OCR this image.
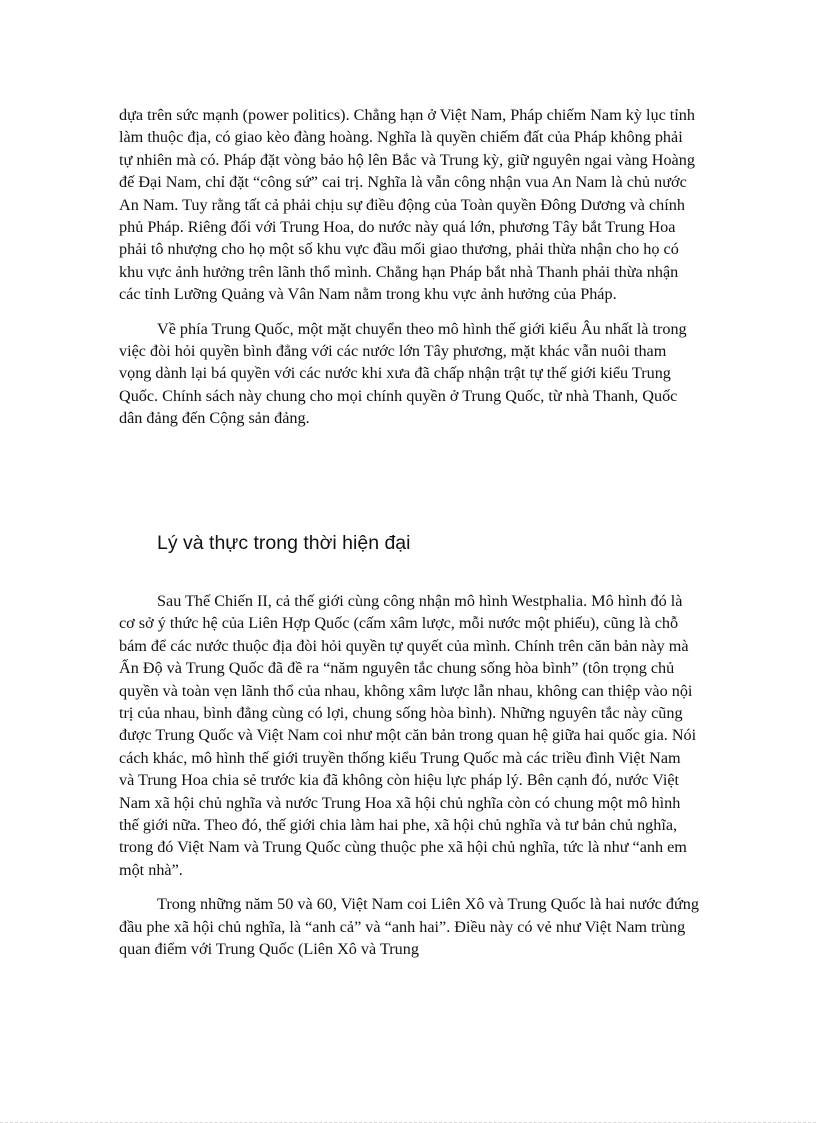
dựa trên sức mạnh (power politics). Chẳng hạn ở Việt Nam, Pháp chiếm Nam kỳ lục tỉnh làm thuộc địa, có giao kèo đàng hoàng. Nghĩa là quyền chiếm đất của Pháp không phải tự nhiên mà có. Pháp đặt vòng bảo hộ lên Bắc và Trung kỳ, giữ nguyên ngai vàng Hoàng đế Đại Nam, chỉ đặt “công sứ” cai trị. Nghĩa là vẫn công nhận vua An Nam là chủ nước An Nam. Tuy rằng tất cả phải chịu sự điều động của Toàn quyền Đông Dương và chính phủ Pháp. Riêng đối với Trung Hoa, do nước này quá lớn, phương Tây bắt Trung Hoa phải tô nhượng cho họ một số khu vực đầu mối giao thương, phải thừa nhận cho họ có khu vực ảnh hưởng trên lãnh thổ mình. Chẳng hạn Pháp bắt nhà Thanh phải thừa nhận các tỉnh Lưỡng Quảng và Vân Nam nằm trong khu vực ảnh hưởng của Pháp.

Về phía Trung Quốc, một mặt chuyển theo mô hình thế giới kiểu Âu nhất là trong việc đòi hỏi quyền bình đẳng với các nước lớn Tây phương, mặt khác vẫn nuôi tham vọng dành lại bá quyền với các nước khi xưa đã chấp nhận trật tự thế giới kiểu Trung Quốc. Chính sách này chung cho mọi chính quyền ở Trung Quốc, từ nhà Thanh, Quốc dân đảng đến Cộng sản đảng.

Lý và thực trong thời hiện đại

Sau Thế Chiến II, cả thế giới cùng công nhận mô hình Westphalia. Mô hình đó là cơ sở ý thức hệ của Liên Hợp Quốc (cấm xâm lược, mỗi nước một phiếu), cũng là chỗ bám để các nước thuộc địa đòi hỏi quyền tự quyết của mình. Chính trên căn bản này mà Ấn Độ và Trung Quốc đã đề ra “năm nguyên tắc chung sống hòa bình” (tôn trọng chủ quyền và toàn vẹn lãnh thổ của nhau, không xâm lược lẫn nhau, không can thiệp vào nội trị của nhau, bình đẳng cùng có lợi, chung sống hòa bình). Những nguyên tắc này cũng được Trung Quốc và Việt Nam coi như một căn bản trong quan hệ giữa hai quốc gia. Nói cách khác, mô hình thế giới truyền thống kiểu Trung Quốc mà các triều đình Việt Nam và Trung Hoa chia sẻ trước kia đã không còn hiệu lực pháp lý. Bên cạnh đó, nước Việt Nam xã hội chủ nghĩa và nước Trung Hoa xã hội chủ nghĩa còn có chung một mô hình thế giới nữa. Theo đó, thế giới chia làm hai phe, xã hội chủ nghĩa và tư bản chủ nghĩa, trong đó Việt Nam và Trung Quốc cùng thuộc phe xã hội chủ nghĩa, tức là như “anh em một nhà”.

Trong những năm 50 và 60, Việt Nam coi Liên Xô và Trung Quốc là hai nước đứng đầu phe xã hội chủ nghĩa, là “anh cả” và “anh hai”. Điều này có vẻ như Việt Nam trùng quan điểm với Trung Quốc (Liên Xô và Trung
